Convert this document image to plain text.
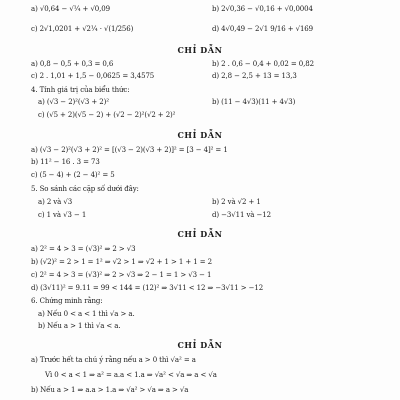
a) √0,64 − √¼ + √0,09	b) 2√0,36 − √0,16 + √0,0004
c) 2√1,0201 + √2¼ · √(1/256)	d) 4√0,49 − 2√1 9/16 + √169
a) 0,8 − 0,5 + 0,3 = 0,6	b) 2 . 0,6 − 0,4 + 0,02 = 0,82
c) 2 . 1,01 + 1,5 − 0,0625 = 3,4575	d) 2,8 − 2,5 + 13 = 13,3
4. Tính giá trị của biểu thức:
a) (√3 − 2)²(√3 + 2)²	b) (11 − 4√3)(11 + 4√3)
c) (√5 + 2)(√5 − 2) + (√2 − 2)²(√2 + 2)²
a) (√3 − 2)²(√3 + 2)² = [(√3 − 2)(√3 + 2)]² = [3 − 4]² = 1
b) 11² − 16 . 3 = 73
c) (5 − 4) + (2 − 4)² = 5
5. So sánh các cặp số dưới đây:
a) 2 và √3	b) 2 và √2 + 1
c) 1 và √3 − 1	d) −3√11 và −12
a) 2² = 4 > 3 = (√3)² ⇒ 2 > √3
b) (√2)² = 2 > 1 = 1² ⇒ √2 > 1 ⇒ √2 + 1 > 1 + 1 = 2
c) 2² = 4 > 3 = (√3)² ⇒ 2 > √3 ⇒ 2 − 1 = 1 > √3 − 1
d) (3√11)² = 9.11 = 99 < 144 = (12)² ⇒ 3√11 < 12 ⇒ −3√11 > −12
6. Chứng minh rằng:
a) Nếu 0 < a < 1 thì √a > a.
b) Nếu a > 1 thì √a < a.
a) Trước hết ta chú ý rằng nếu a > 0 thì √a² = a
Vì 0 < a < 1 ⇒ a² = a.a < 1.a ⇒ √a² < √a ⇒ a < √a
b) Nếu a > 1 ⇒ a.a > 1.a ⇒ √a² > √a ⇒ a > √a
CHỈ DẪN
CHỈ DẪN
CHỈ DẪN
CHỈ DẪN
